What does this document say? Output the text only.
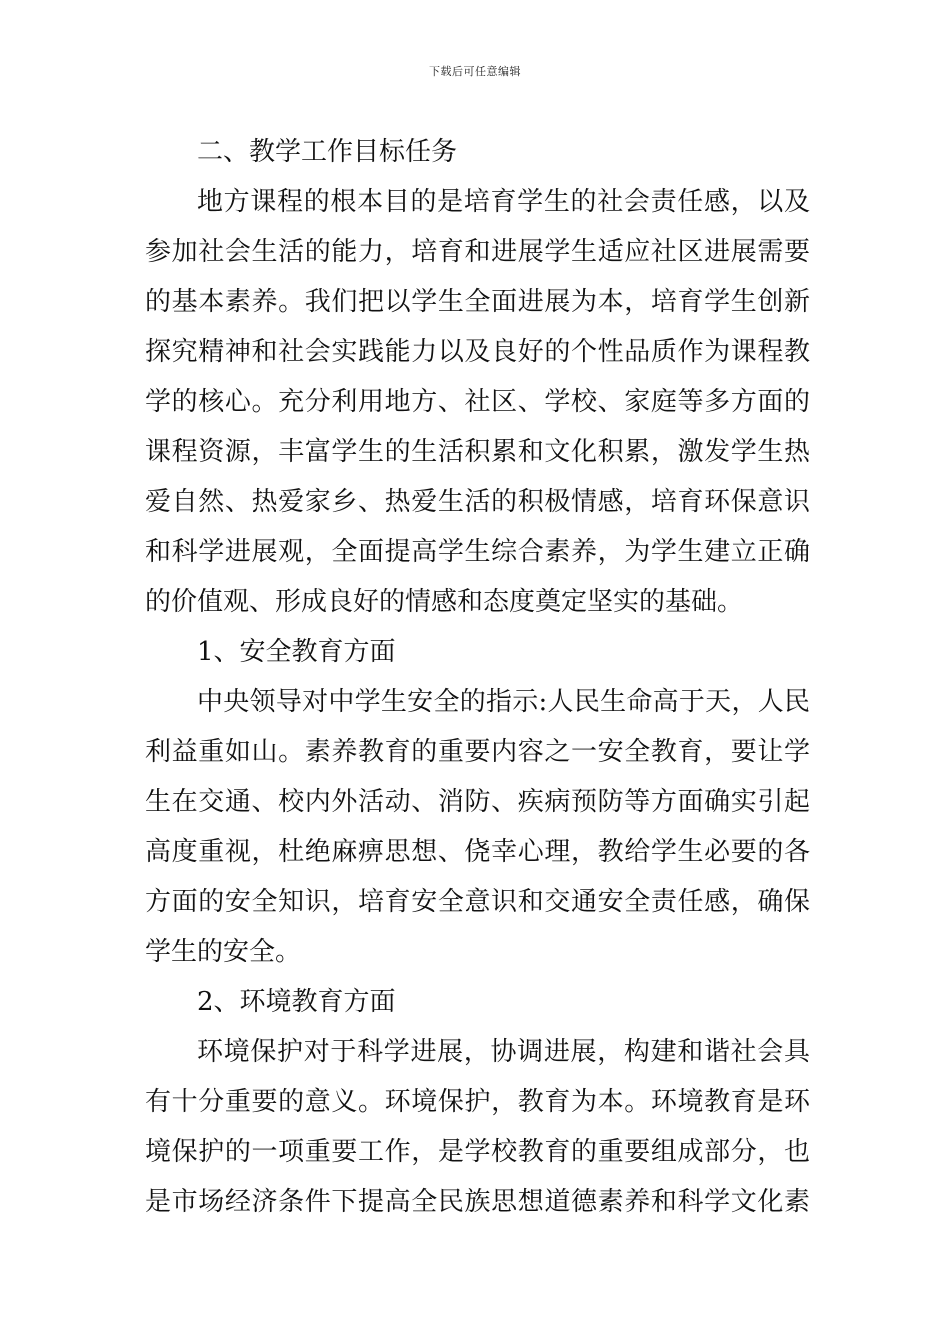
下载后可任意编辑
二、教学工作目标任务
地方课程的根本目的是培育学生的社会责任感，以及
参加社会生活的能力，培育和进展学生适应社区进展需要
的基本素养。我们把以学生全面进展为本，培育学生创新
探究精神和社会实践能力以及良好的个性品质作为课程教
学的核心。充分利用地方、社区、学校、家庭等多方面的
课程资源，丰富学生的生活积累和文化积累，激发学生热
爱自然、热爱家乡、热爱生活的积极情感，培育环保意识
和科学进展观，全面提高学生综合素养，为学生建立正确
的价值观、形成良好的情感和态度奠定坚实的基础。
1、安全教育方面
中央领导对中学生安全的指示:人民生命高于天，人民
利益重如山。素养教育的重要内容之一安全教育，要让学
生在交通、校内外活动、消防、疾病预防等方面确实引起
高度重视，杜绝麻痹思想、侥幸心理，教给学生必要的各
方面的安全知识，培育安全意识和交通安全责任感，确保
学生的安全。
2、环境教育方面
环境保护对于科学进展，协调进展，构建和谐社会具
有十分重要的意义。环境保护，教育为本。环境教育是环
境保护的一项重要工作，是学校教育的重要组成部分，也
是市场经济条件下提高全民族思想道德素养和科学文化素
